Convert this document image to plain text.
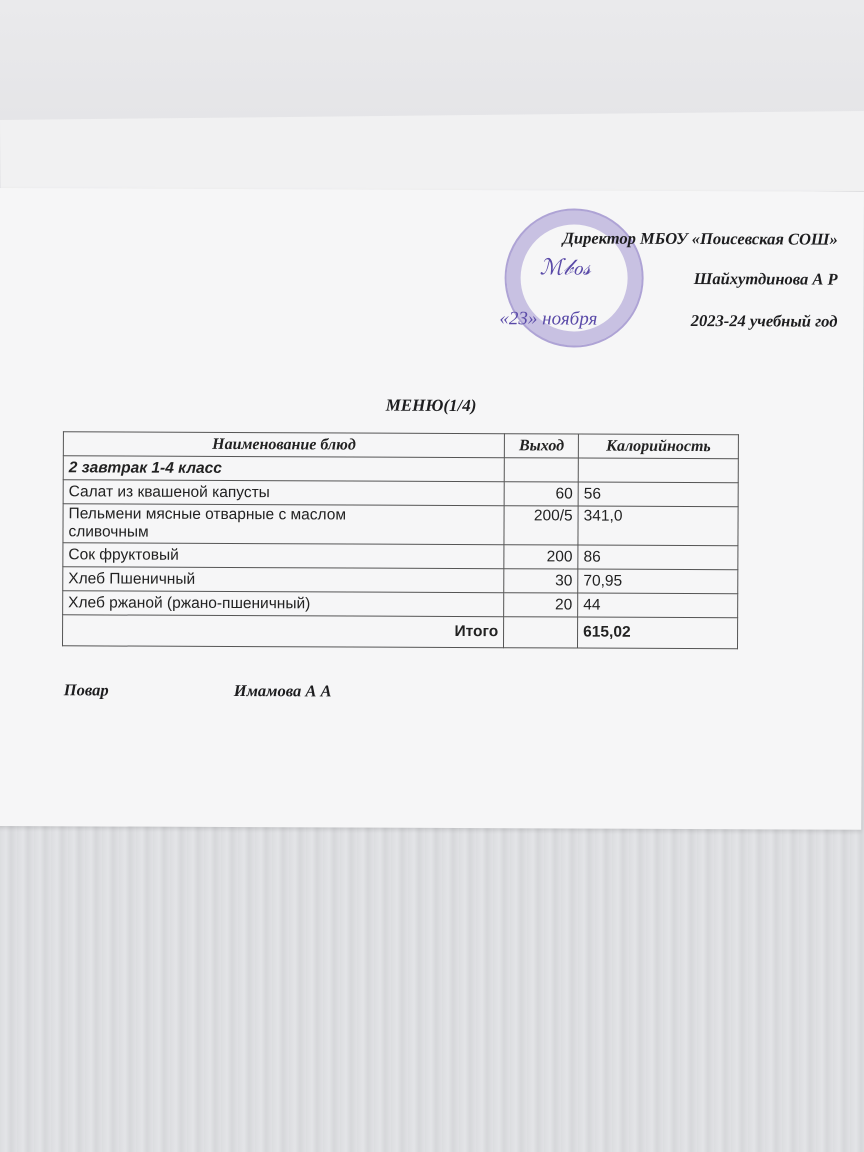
ℳ𝒷ℴ𝓈
Директор МБОУ «Поисевская СОШ»
Шайхутдинова А Р
2023-24 учебный год
«23» ноября
МЕНЮ(1/4)
Наименование блюд	Выход	Калорийность
2 завтрак 1-4 класс		
Салат из квашеной капусты	60	56

Пельмени мясные отварные с маслом
сливочным	200/5	341,0
Сок фруктовый	200	86
Хлеб Пшеничный	30	70,95
Хлеб ржаной (ржано-пшеничный)	20	44
Итого		615,02
Повар	Имамова А А
